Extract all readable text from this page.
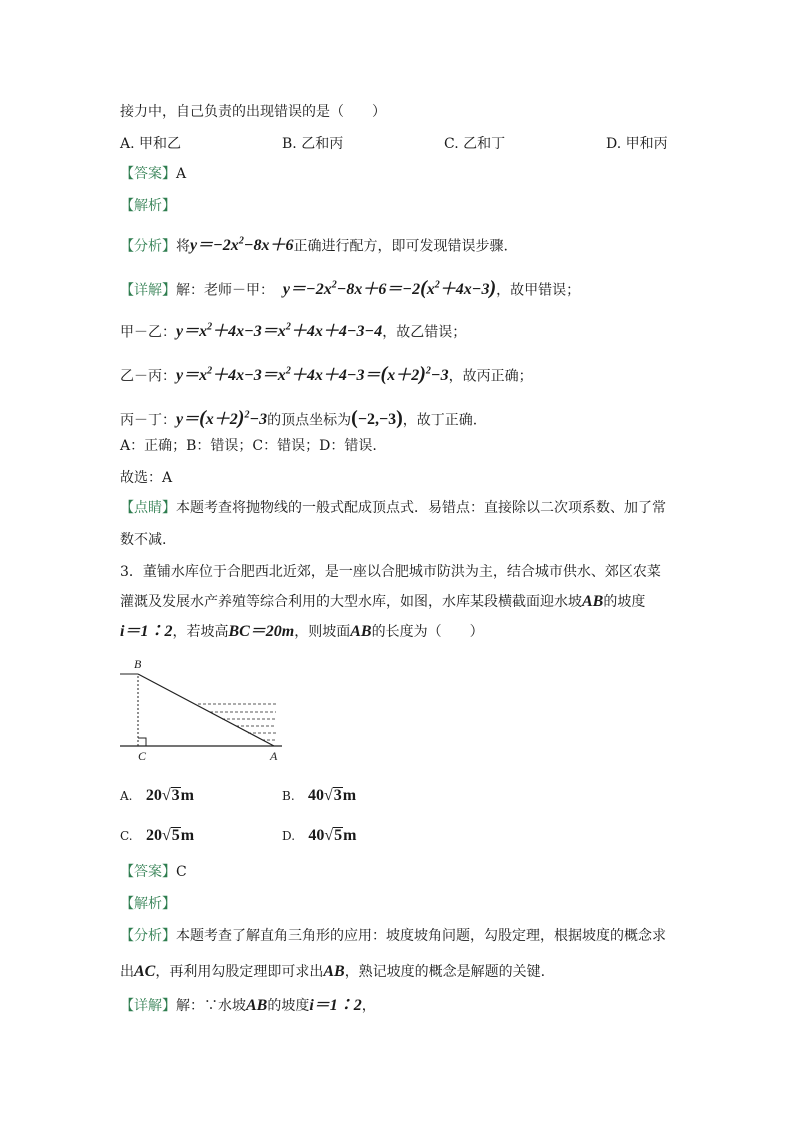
接力中，自己负责的出现错误的是（　　）
A. 甲和乙	B. 乙和丙	C. 乙和丁	D. 甲和丙
【答案】A
【解析】
【分析】将$y=-2x^2-8x+6$正确进行配方，即可发现错误步骤.
【详解】解：老师－甲： $y=-2x^2-8x+6=-2(x^2+4x-3)$，故甲错误；
甲－乙：$y=x^2+4x-3=x^2+4x+4-3-4$，故乙错误；
乙－丙：$y=x^2+4x-3=x^2+4x+4-3=(x+2)^2-3$，故丙正确；
丙－丁：$y=(x+2)^2-3$的顶点坐标为(−2,−3)，故丁正确.
A：正确；B：错误；C：错误；D：错误.
故选：A
【点睛】本题考查将抛物线的一般式配成顶点式．易错点：直接除以二次项系数、加了常
数不减.
3．董铺水库位于合肥西北近郊，是一座以合肥城市防洪为主，结合城市供水、郊区农菜
灌溉及发展水产养殖等综合利用的大型水库，如图，水库某段横截面迎水坡AB的坡度
i＝1∶2，若坡高BC＝20m，则坡面AB的长度为（　　）
B
C	A
A. 20√3m	B. 40√3m
C. 20√5m	D. 40√5m
【答案】C
【解析】
【分析】本题考查了解直角三角形的应用：坡度坡角问题，勾股定理，根据坡度的概念求
出AC，再利用勾股定理即可求出AB，熟记坡度的概念是解题的关键.
【详解】解：∵水坡AB的坡度i＝1∶2，
